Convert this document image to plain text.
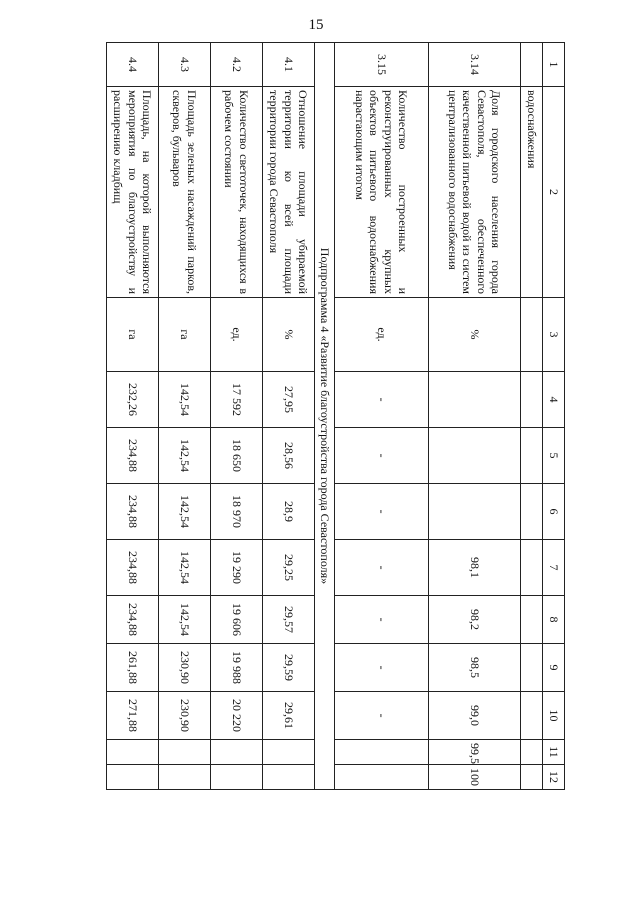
15
1	2	3	4	5	6	7	8	9	10	11	12
	водоснабжения										
3.14	Доля городского населения города Севастополя, обеспеченного качественной питьевой водой из систем централизованного водоснабжения	%				98,1	98,2	98,5	99,0	99,5	100
3.15	Количество построенных и реконструированных крупных объектов питьевого водоснабжения нарастающим итогом	ед.	-	-	-	-	-	-	-		
Подпрограмма 4 «Развитие благоустройства города Севастополя»											
4.1	Отношение площади убираемой территории ко всей площади территории города Севастополя	%	27,95	28,56	28,9	29,25	29,57	29,59	29,61		
4.2	Количество светоточек, находящихся в рабочем состоянии	ед.	17 592	18 650	18 970	19 290	19 606	19 988	20 220		
4.3	Площадь зеленых насаждений парков, скверов, бульваров	га	142,54	142,54	142,54	142,54	142,54	230,90	230,90		
4.4	Площадь, на которой выполняются мероприятия по благоустройству и расширению кладбищ	га	232,26	234,88	234,88	234,88	234,88	261,88	271,88		
